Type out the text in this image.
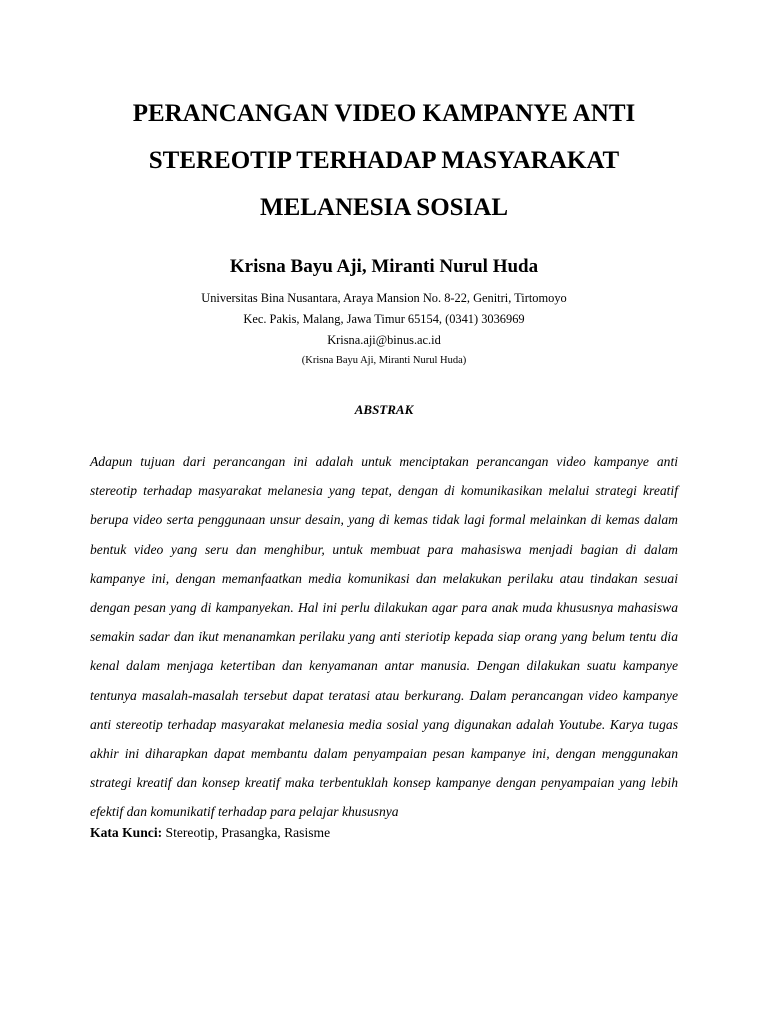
PERANCANGAN VIDEO KAMPANYE ANTI
STEREOTIP TERHADAP MASYARAKAT
MELANESIA SOSIAL

Krisna Bayu Aji, Miranti Nurul Huda

Universitas Bina Nusantara, Araya Mansion No. 8-22, Genitri, Tirtomoyo
Kec. Pakis, Malang, Jawa Timur 65154, (0341) 3036969
Krisna.aji@binus.ac.id
(Krisna Bayu Aji, Miranti Nurul Huda)
ABSTRAK

Adapun tujuan dari perancangan ini adalah untuk menciptakan perancangan video kampanye anti stereotip terhadap masyarakat melanesia yang tepat, dengan di komunikasikan melalui strategi kreatif berupa video serta penggunaan unsur desain, yang di kemas tidak lagi formal melainkan di kemas dalam bentuk video yang seru dan menghibur, untuk membuat para mahasiswa menjadi bagian di dalam kampanye ini, dengan memanfaatkan media komunikasi dan melakukan perilaku atau tindakan sesuai dengan pesan yang di kampanyekan. Hal ini perlu dilakukan agar para anak muda khususnya mahasiswa semakin sadar dan ikut menanamkan perilaku yang anti steriotip kepada siap orang yang belum tentu dia kenal dalam menjaga ketertiban dan kenyamanan antar manusia. Dengan dilakukan suatu kampanye tentunya masalah-masalah tersebut dapat teratasi atau berkurang. Dalam perancangan video kampanye anti stereotip terhadap masyarakat melanesia media sosial yang digunakan adalah Youtube. Karya tugas akhir ini diharapkan dapat membantu dalam penyampaian pesan kampanye ini, dengan menggunakan strategi kreatif dan konsep kreatif maka terbentuklah konsep kampanye dengan penyampaian yang lebih efektif dan komunikatif terhadap para pelajar khususnya

Kata Kunci: Stereotip, Prasangka, Rasisme
